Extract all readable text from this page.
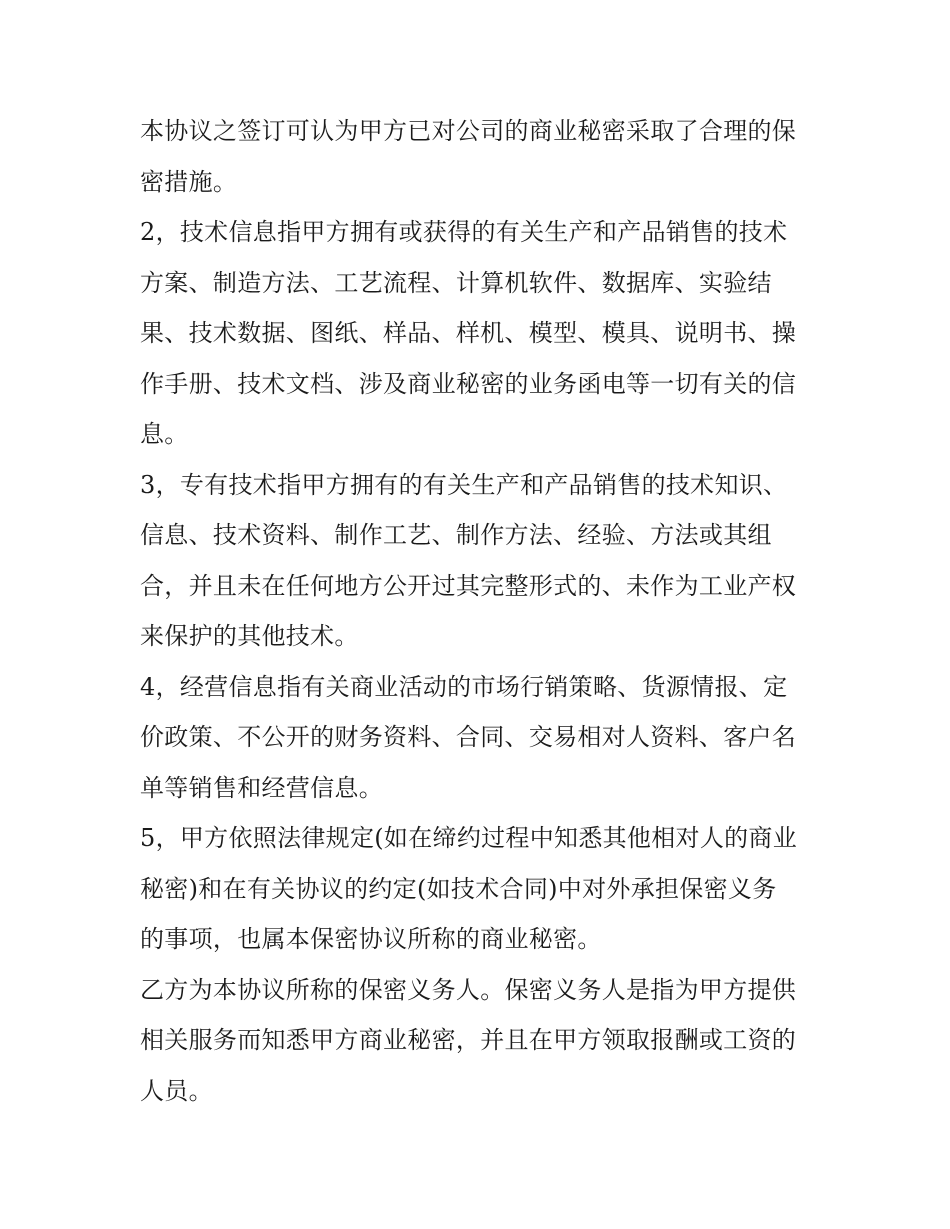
本协议之签订可认为甲方已对公司的商业秘密采取了合理的保
密措施。

2，技术信息指甲方拥有或获得的有关生产和产品销售的技术
方案、制造方法、工艺流程、计算机软件、数据库、实验结
果、技术数据、图纸、样品、样机、模型、模具、说明书、操
作手册、技术文档、涉及商业秘密的业务函电等一切有关的信
息。

3，专有技术指甲方拥有的有关生产和产品销售的技术知识、
信息、技术资料、制作工艺、制作方法、经验、方法或其组
合，并且未在任何地方公开过其完整形式的、未作为工业产权
来保护的其他技术。

4，经营信息指有关商业活动的市场行销策略、货源情报、定
价政策、不公开的财务资料、合同、交易相对人资料、客户名
单等销售和经营信息。

5，甲方依照法律规定(如在缔约过程中知悉其他相对人的商业
秘密)和在有关协议的约定(如技术合同)中对外承担保密义务
的事项，也属本保密协议所称的商业秘密。

乙方为本协议所称的保密义务人。保密义务人是指为甲方提供
相关服务而知悉甲方商业秘密，并且在甲方领取报酬或工资的
人员。
